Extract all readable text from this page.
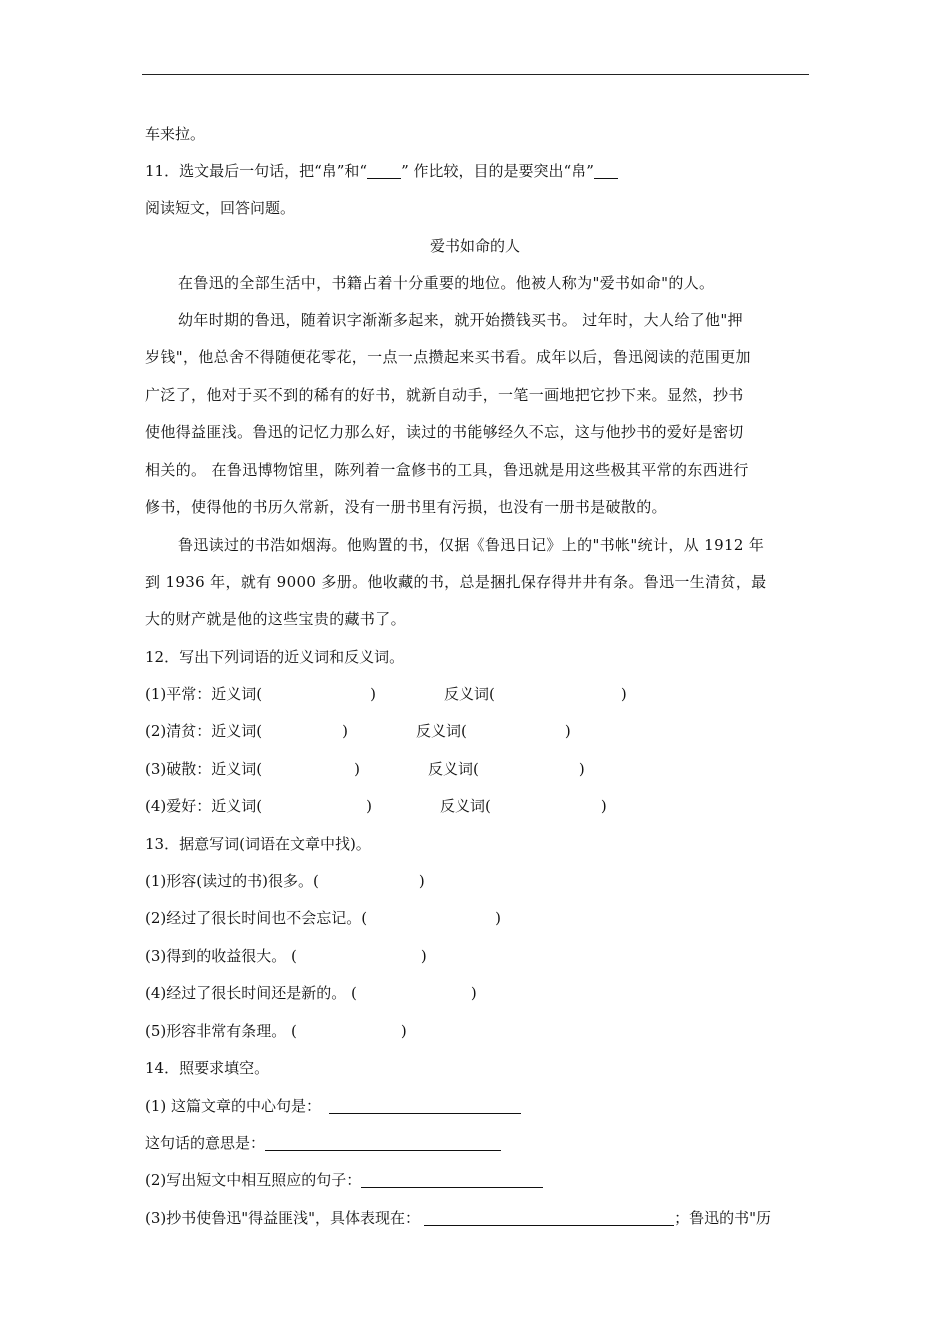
车来拉。
11．选文最后一句话，把“帛”和“ ” 作比较，目的是要突出“帛”
阅读短文，回答问题。
爱书如命的人
在鲁迅的全部生活中，书籍占着十分重要的地位。他被人称为"爱书如命"的人。
幼年时期的鲁迅，随着识字渐渐多起来，就开始攒钱买书。 过年时，大人给了他"押
岁钱"，他总舍不得随便花零花，一点一点攒起来买书看。成年以后，鲁迅阅读的范围更加
广泛了，他对于买不到的稀有的好书，就新自动手，一笔一画地把它抄下来。显然，抄书
使他得益匪浅。鲁迅的记忆力那么好，读过的书能够经久不忘，这与他抄书的爱好是密切
相关的。 在鲁迅博物馆里，陈列着一盒修书的工具，鲁迅就是用这些极其平常的东西进行
修书，使得他的书历久常新，没有一册书里有污损，也没有一册书是破散的。
鲁迅读过的书浩如烟海。他购置的书，仅据《鲁迅日记》上的"书帐"统计，从 1912 年
到 1936 年，就有 9000 多册。他收藏的书，总是捆扎保存得井井有条。鲁迅一生清贫，最
大的财产就是他的这些宝贵的藏书了。
12．写出下列词语的近义词和反义词。
(1)平常：近义词(	)	反义词(	)
(2)清贫：近义词(	)	反义词(	)
(3)破散：近义词(	)	反义词(	)
(4)爱好：近义词(	)	反义词(	)
13．据意写词(词语在文章中找)。
(1)形容(读过的书)很多。(	)
(2)经过了很长时间也不会忘记。(	)
(3)得到的收益很大。 (	)
(4)经过了很长时间还是新的。 (	)
(5)形容非常有条理。 (	)
14．照要求填空。
(1) 这篇文章的中心句是：
这句话的意思是：
(2)写出短文中相互照应的句子：
(3)抄书使鲁迅"得益匪浅"，具体表现在：	；鲁迅的书"历
